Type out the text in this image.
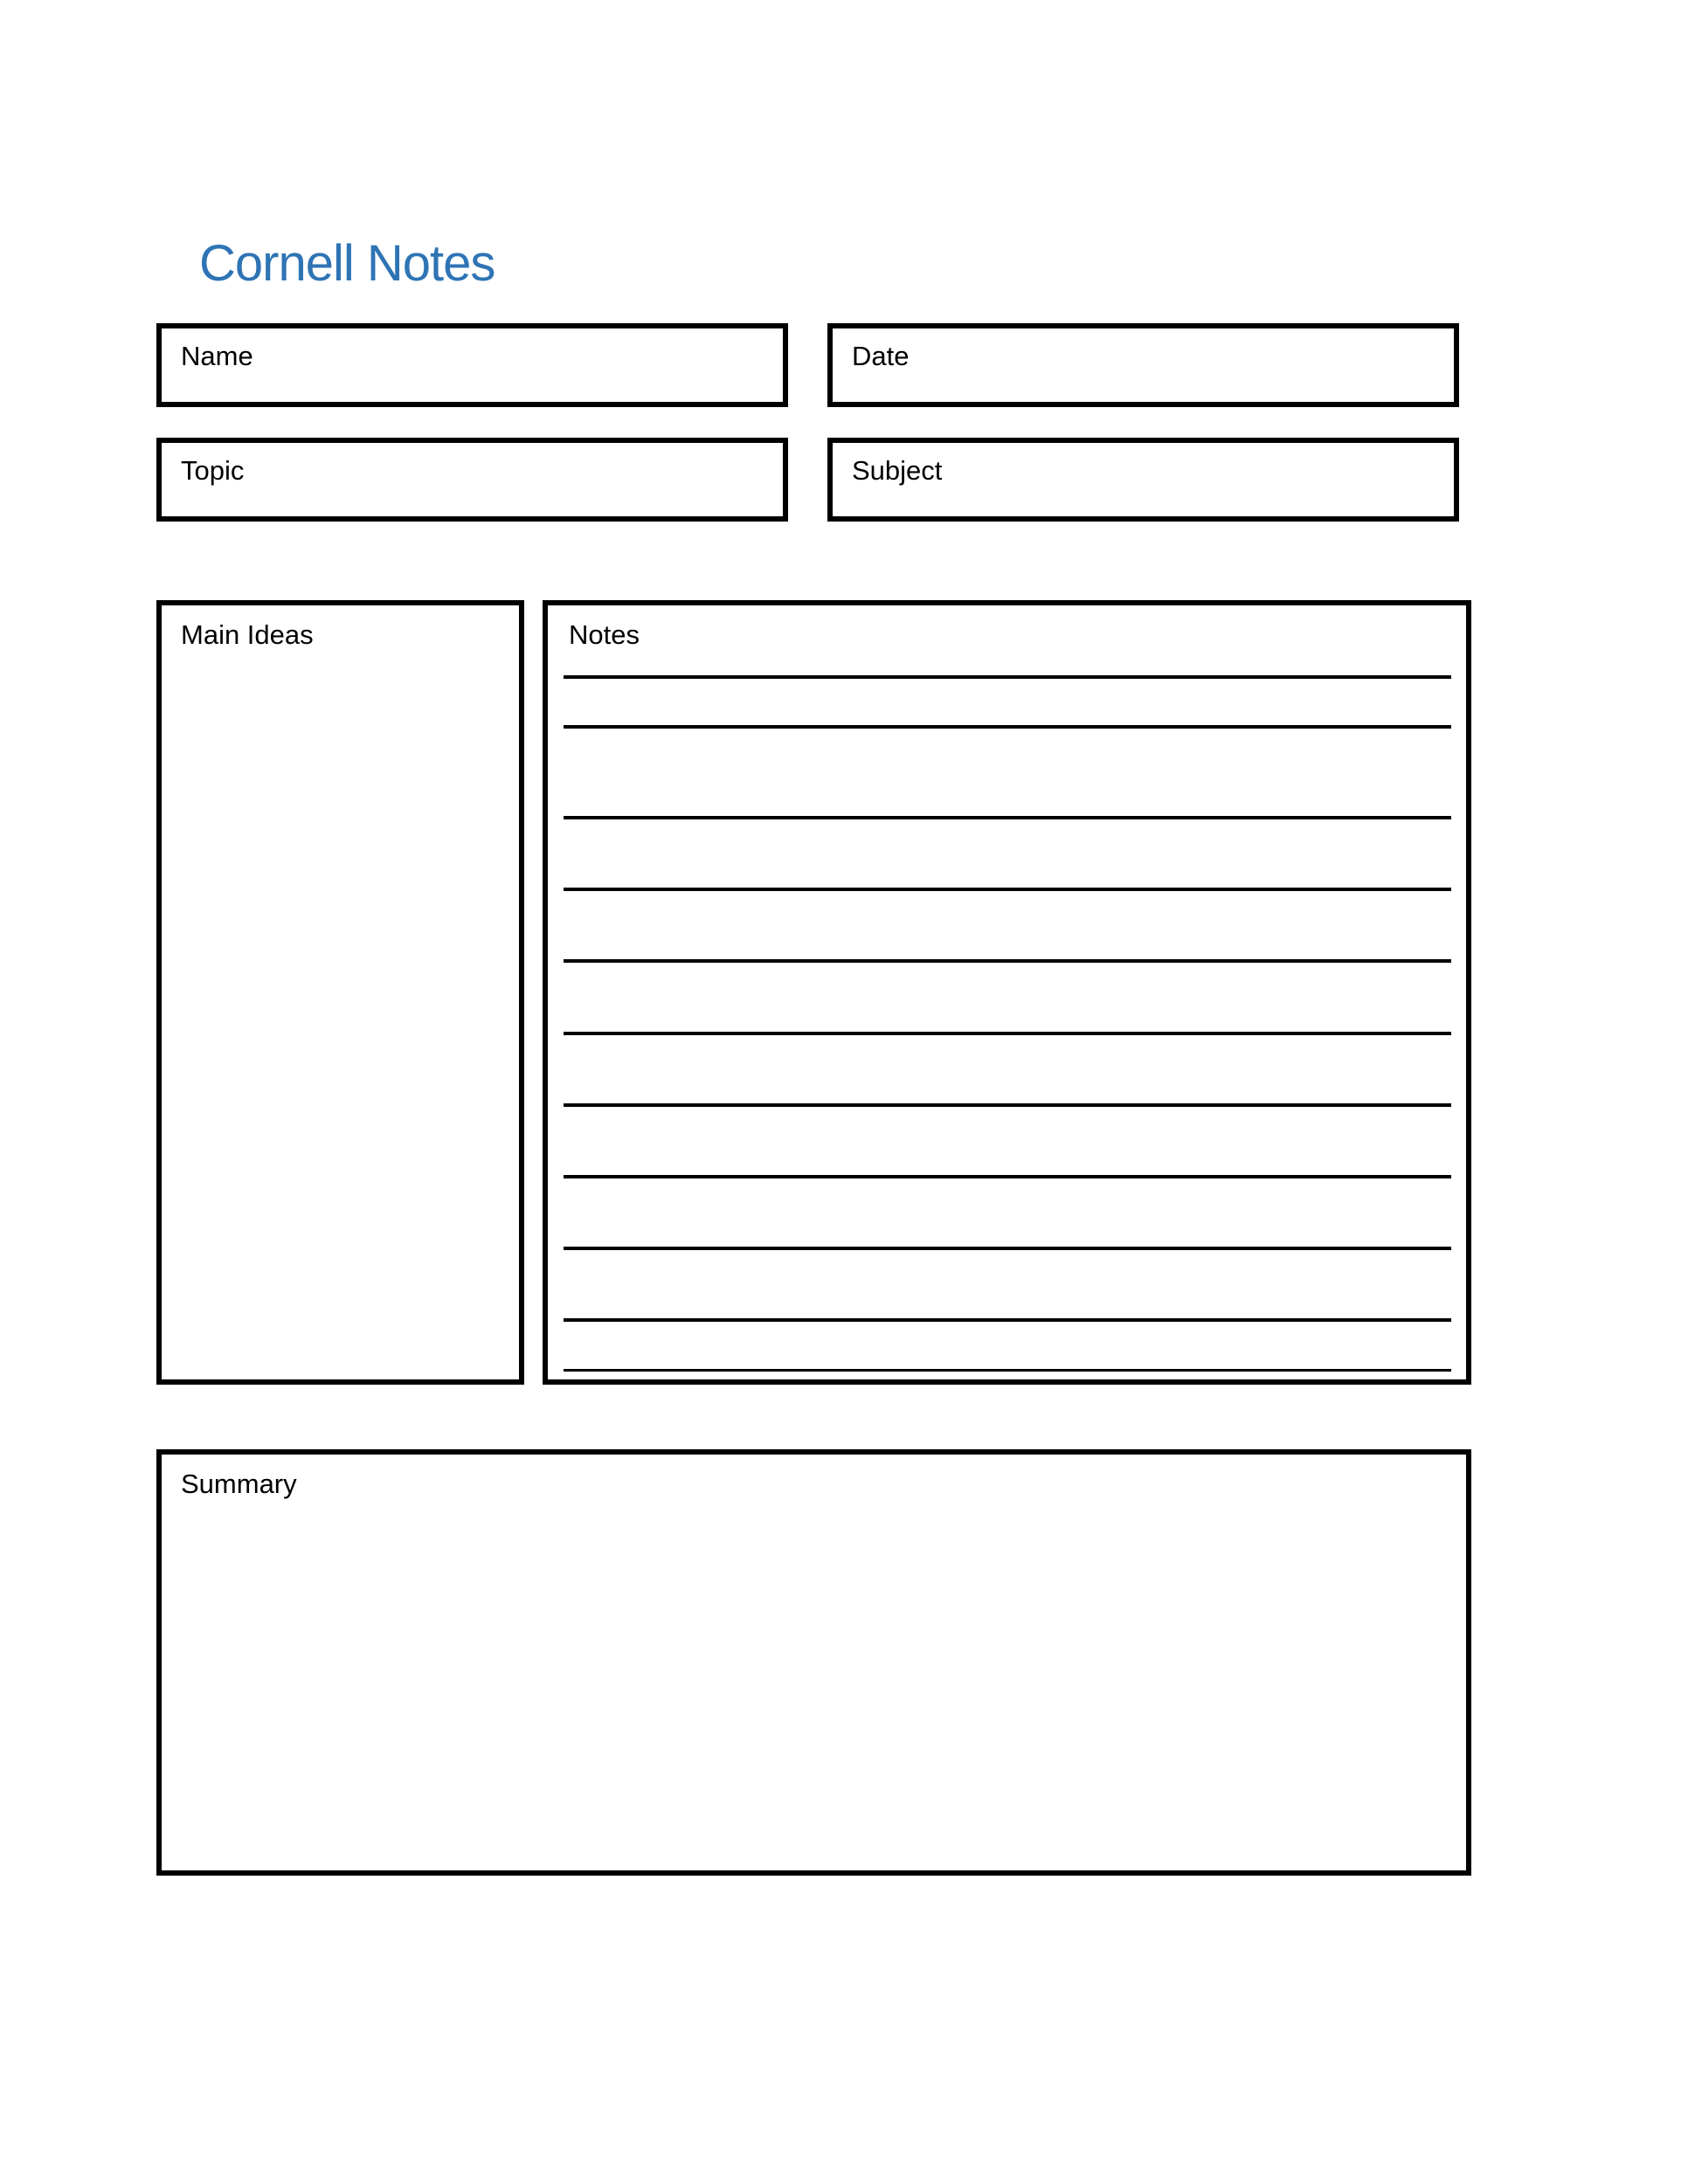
Cornell Notes
Name	Date
Topic	Subject
Main Ideas	Notes
Summary
